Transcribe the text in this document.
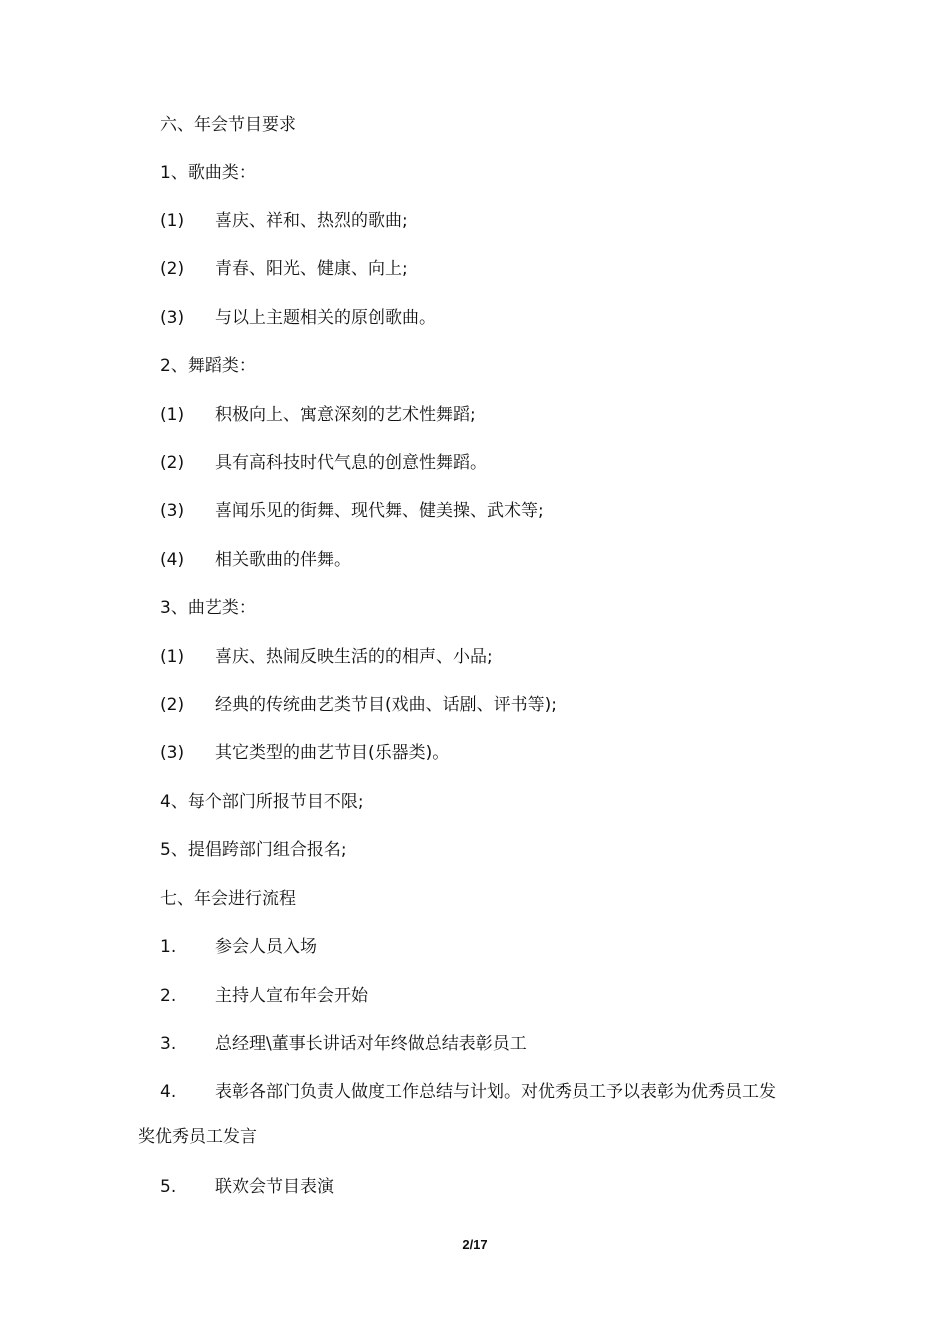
六、年会节目要求
1、歌曲类：
(1) 喜庆、祥和、热烈的歌曲;
(2) 青春、阳光、健康、向上;
(3) 与以上主题相关的原创歌曲。
2、舞蹈类：
(1) 积极向上、寓意深刻的艺术性舞蹈;
(2) 具有高科技时代气息的创意性舞蹈。
(3) 喜闻乐见的街舞、现代舞、健美操、武术等;
(4) 相关歌曲的伴舞。
3、曲艺类：
(1) 喜庆、热闹反映生活的的相声、小品;
(2) 经典的传统曲艺类节目(戏曲、话剧、评书等);
(3) 其它类型的曲艺节目(乐器类)。
4、每个部门所报节目不限;
5、提倡跨部门组合报名;
七、年会进行流程
1. 参会人员入场
2. 主持人宣布年会开始
3. 总经理\董事长讲话对年终做总结表彰员工
4. 表彰各部门负责人做度工作总结与计划。对优秀员工予以表彰为优秀员工发
奖优秀员工发言
5. 联欢会节目表演
2/17
